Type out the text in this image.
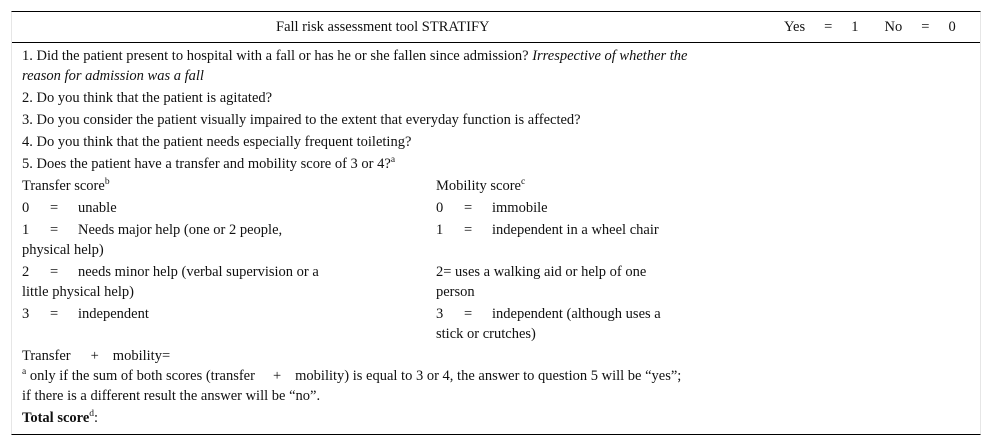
Fall risk assessment tool STRATIFY	Yes = 1 No = 0
1. Did the patient present to hospital with a fall or has he or she fallen since admission? Irrespective of whether the
reason for admission was a fall
2. Do you think that the patient is agitated?
3. Do you consider the patient visually impaired to the extent that everyday function is affected?
4. Do you think that the patient needs especially frequent toileting?
5. Does the patient have a transfer and mobility score of 3 or 4?$^a$
Transfer score$^b$
0 = unable
1 = Needs major help (one or 2 people,
physical help)
2 = needs minor help (verbal supervision or a
little physical help)
3 = independent
Mobility score$^c$
0 = immobile
1 = independent in a wheel chair
2= uses a walking aid or help of one
person
3 = independent (although uses a
stick or crutches)
Transfer + mobility=
$^a$ only if the sum of both scores (transfer + mobility) is equal to 3 or 4, the answer to question 5 will be “yes”;
if there is a different result the answer will be “no”.
Total score$^d$:
